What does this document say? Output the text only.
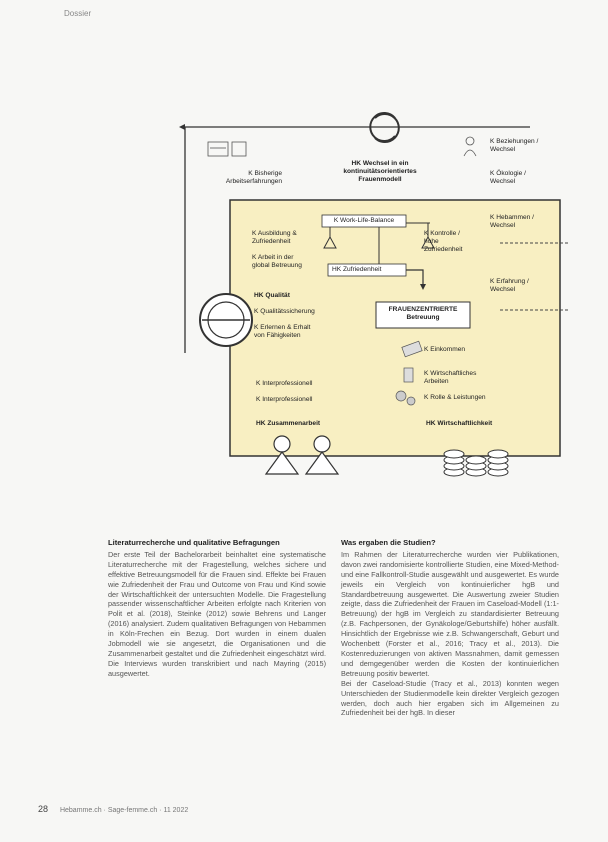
Dossier
HK Wechsel in ein
kontinuitätsorientiertes
Frauenmodell
K Bisherige
Arbeitserfahrungen
K Beziehungen /
Wechsel
K Ökologie /
Wechsel
K Hebammen /
Wechsel
K Erfahrung /
Wechsel
K Ausbildung &
Zufriedenheit
K Arbeit in der
global Betreuung
K Work-Life-Balance
K Kontrolle /
hohe
Zufriedenheit
HK Zufriedenheit
HK Qualität
K Qualitätssicherung
K Erlernen & Erhalt
von Fähigkeiten
FRAUENZENTRIERTE
Betreuung
K Einkommen
K Wirtschaftliches
Arbeiten
K Interprofessionell
K Interprofessionell	K Rolle & Leistungen
HK Zusammenarbeit	HK Wirtschaftlichkeit
Literaturrecherche und qualitative Befragungen

Der erste Teil der Bachelorarbeit beinhaltet eine systematische Literaturrecherche mit der Fragestellung, welches sichere und effektive Betreuungsmodell für die Frauen sind. Effekte bei Frauen wie Zufriedenheit der Frau und Outcome von Frau und Kind sowie der Wirtschaftlichkeit der untersuchten Modelle. Die Fragestellung passender wissenschaftlicher Arbeiten erfolgte nach Kriterien von Polit et al. (2018), Steinke (2012) sowie Behrens und Langer (2016) analysiert. Zudem qualitativen Befragungen von Hebammen in Köln-Frechen ein Bezug. Dort wurden in einem dualen Jobmodell wie sie angesetzt, die Organisationen und die Zusammenarbeit gestaltet und die Zufriedenheit eingeschätzt wird. Die Interviews wurden transkribiert und nach Mayring (2015) ausgewertet.

Was ergaben die Studien?

Im Rahmen der Literaturrecherche wurden vier Publikationen, davon zwei randomisierte kontrollierte Studien, eine Mixed-Method- und eine Fallkontroll-Studie ausgewählt und ausgewertet. Es wurde jeweils ein Vergleich von kontinuierlicher hgB und Standardbetreuung ausgewertet. Die Auswertung zweier Studien zeigte, dass die Zufriedenheit der Frauen im Caseload-Modell (1:1-Betreuung) der hgB im Vergleich zu standardisierter Betreuung (z.B. Fachpersonen, der Gynäkologe/Geburtshilfe) höher ausfällt. Hinsichtlich der Ergebnisse wie z.B. Schwangerschaft, Geburt und Wochenbett (Forster et al., 2016; Tracy et al., 2013). Die Kostenreduzierungen von aktiven Massnahmen, damit gemessen und demgegenüber werden die Kosten der kontinuierlichen Betreuung positiv bewertet.

Bei der Caseload-Studie (Tracy et al., 2013) konnten wegen Unterschieden der Studienmodelle kein direkter Vergleich gezogen werden, doch auch hier ergaben sich im Allgemeinen zu Zufriedenheit bei der hgB. In dieser

28 Hebamme.ch · Sage-femme.ch · 11 2022
